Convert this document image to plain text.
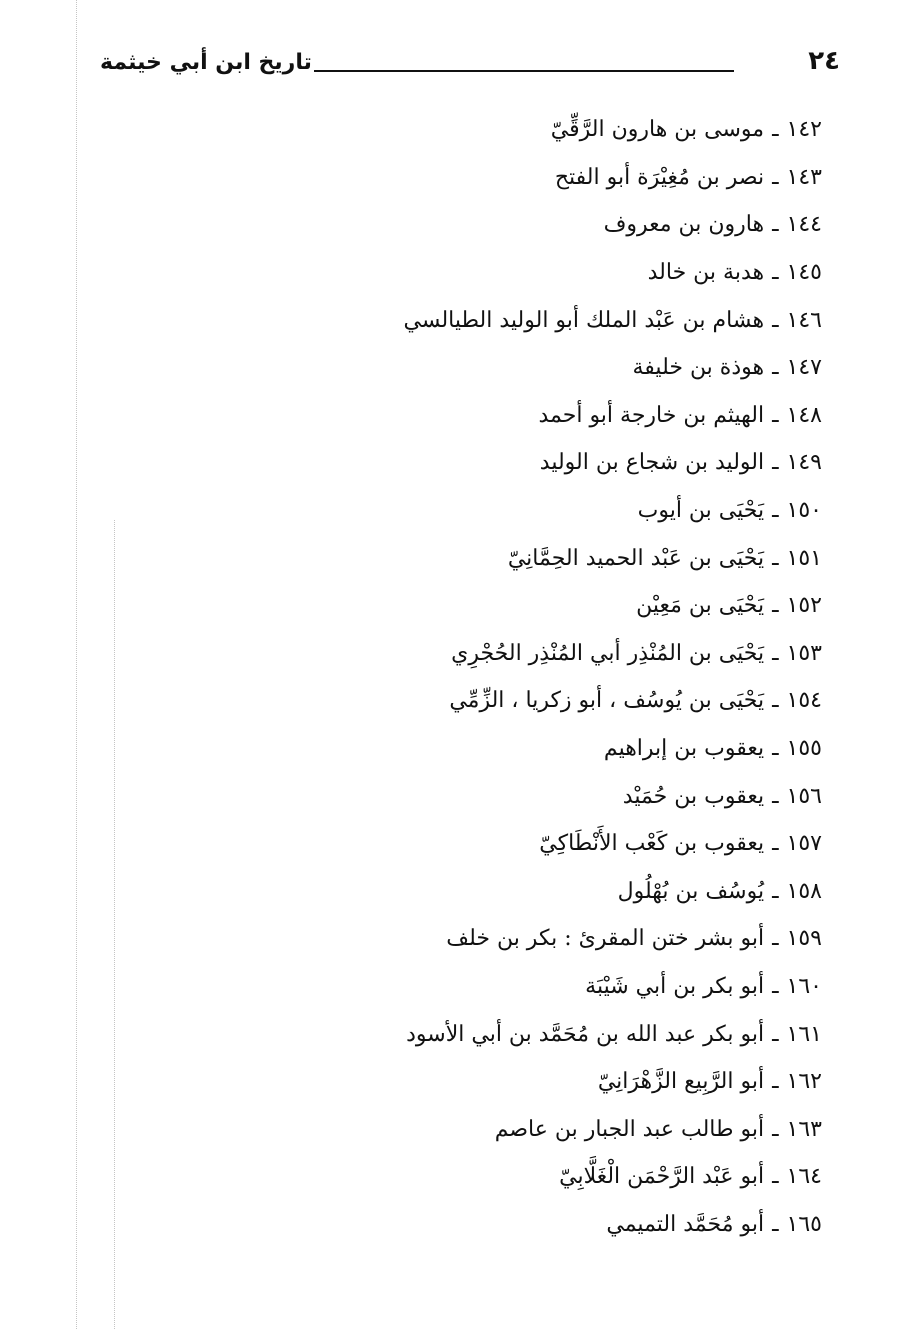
٢٤
تاريخ ابن أبي خيثمة
١٤٢
ـ
موسى بن هارون الرَّقِّيّ
١٤٣
ـ
نصر بن مُغِيْرَة أبو الفتح
١٤٤
ـ
هارون بن معروف
١٤٥
ـ
هدبة بن خالد
١٤٦
ـ
هشام بن عَبْد الملك أبو الوليد الطيالسي
١٤٧
ـ
هوذة بن خليفة
١٤٨
ـ
الهيثم بن خارجة أبو أحمد
١٤٩
ـ
الوليد بن شجاع بن الوليد
١٥٠
ـ
يَحْيَى بن أيوب
١٥١
ـ
يَحْيَى بن عَبْد الحميد الحِمَّانِيّ
١٥٢
ـ
يَحْيَى بن مَعِيْن
١٥٣
ـ
يَحْيَى بن المُنْذِر أبي المُنْذِر الحُجْرِي
١٥٤
ـ
يَحْيَى بن يُوسُف ، أبو زكريا ، الزِّمِّي
١٥٥
ـ
يعقوب بن إبراهيم
١٥٦
ـ
يعقوب بن حُمَيْد
١٥٧
ـ
يعقوب بن كَعْب الأَنْطَاكِيّ
١٥٨
ـ
يُوسُف بن بُهْلُول
١٥٩
ـ
أبو بشر ختن المقرئ : بكر بن خلف
١٦٠
ـ
أبو بكر بن أبي شَيْبَة
١٦١
ـ
أبو بكر عبد الله بن مُحَمَّد بن أبي الأسود
١٦٢
ـ
أبو الرَّبِيع الزَّهْرَانِيّ
١٦٣
ـ
أبو طالب عبد الجبار بن عاصم
١٦٤
ـ
أبو عَبْد الرَّحْمَن الْغَلَّابِيّ
١٦٥
ـ
أبو مُحَمَّد التميمي
